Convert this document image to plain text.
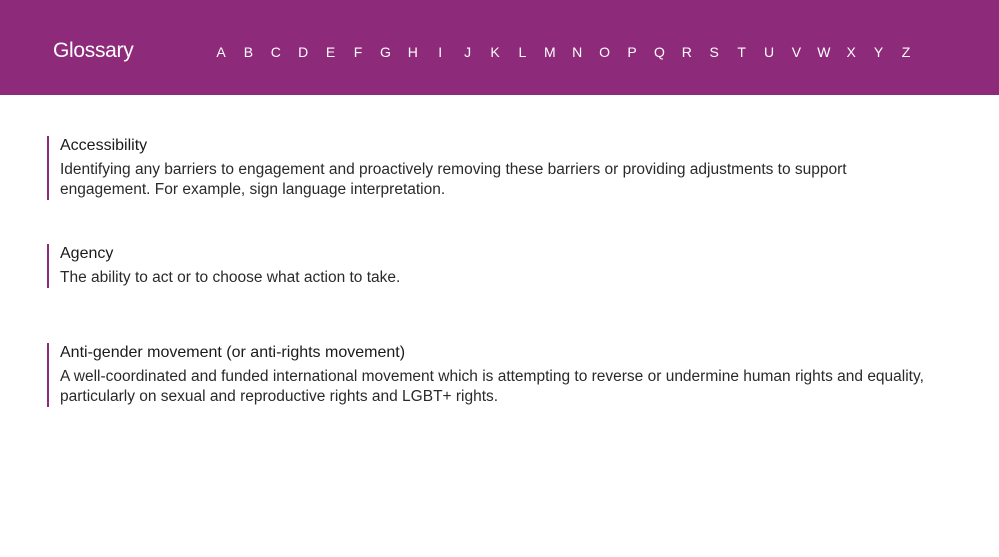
Glossary	A	B	C	D	E	F	G	H	I	J	K	L	M	N	O	P	Q	R	S	T	U	V	W	X	Y	Z

Accessibility

Identifying any barriers to engagement and proactively removing these barriers or providing adjustments to support engagement. For example, sign language interpretation.

Agency

The ability to act or to choose what action to take.

Anti-gender movement (or anti-rights movement)

A well-coordinated and funded international movement which is attempting to reverse or undermine human rights and equality, particularly on sexual and reproductive rights and LGBT+ rights.
